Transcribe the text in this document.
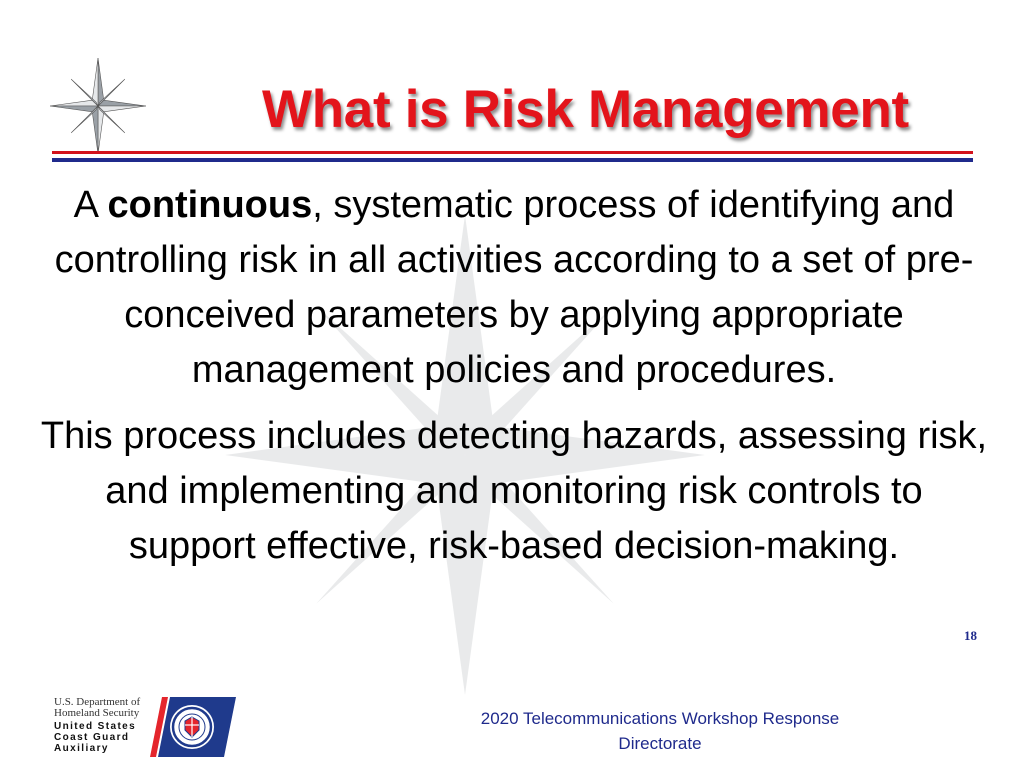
What is Risk Management

A continuous, systematic process of identifying and controlling risk in all activities according to a set of pre-conceived parameters by applying appropriate management policies and procedures.

This process includes detecting hazards, assessing risk, and implementing and monitoring risk controls to support effective, risk-based decision-making.

18
2020 Telecommunications Workshop Response
Directorate
U.S. Department of
Homeland Security
United States
Coast Guard
Auxiliary
